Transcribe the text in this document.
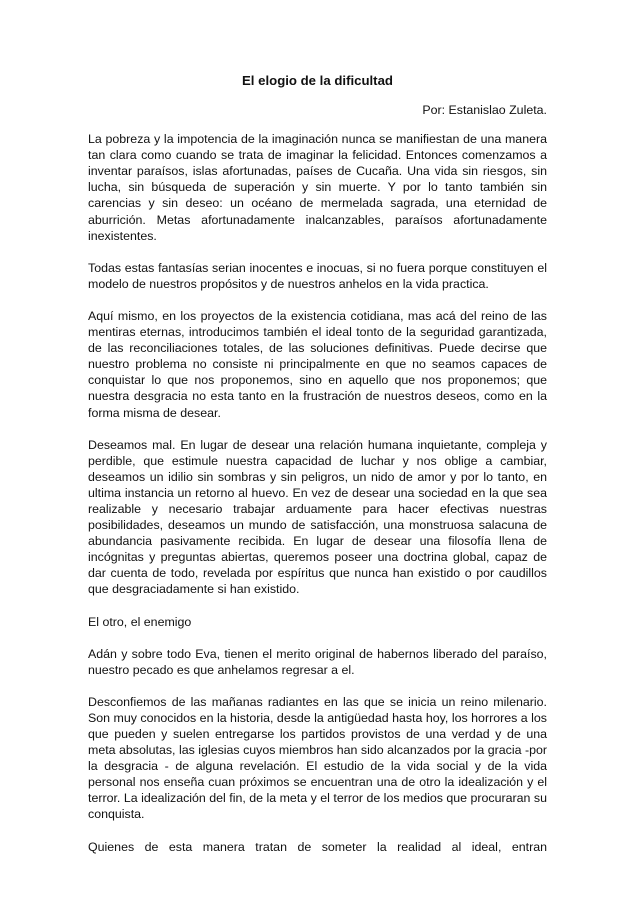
El elogio de la dificultad
Por: Estanislao Zuleta.

La pobreza y la impotencia de la imaginación nunca se manifiestan de una manera tan clara como cuando se trata de imaginar la felicidad. Entonces comenzamos a inventar paraísos, islas afortunadas, países de Cucaña. Una vida sin riesgos, sin lucha, sin búsqueda de superación y sin muerte. Y por lo tanto también sin carencias y sin deseo: un océano de mermelada sagrada, una eternidad de aburrición. Metas afortunadamente inalcanzables, paraísos afortunadamente inexistentes.

Todas estas fantasías serian inocentes e inocuas, si no fuera porque constituyen el modelo de nuestros propósitos y de nuestros anhelos en la vida practica.

Aquí mismo, en los proyectos de la existencia cotidiana, mas acá del reino de las mentiras eternas, introducimos también el ideal tonto de la seguridad garantizada, de las reconciliaciones totales, de las soluciones definitivas. Puede decirse que nuestro problema no consiste ni principalmente en que no seamos capaces de conquistar lo que nos proponemos, sino en aquello que nos proponemos; que nuestra desgracia no esta tanto en la frustración de nuestros deseos, como en la forma misma de desear.

Deseamos mal. En lugar de desear una relación humana inquietante, compleja y perdible, que estimule nuestra capacidad de luchar y nos oblige a cambiar, deseamos un idilio sin sombras y sin peligros, un nido de amor y por lo tanto, en ultima instancia un retorno al huevo. En vez de desear una sociedad en la que sea realizable y necesario trabajar arduamente para hacer efectivas nuestras posibilidades, deseamos un mundo de satisfacción, una monstruosa salacuna de abundancia pasivamente recibida. En lugar de desear una filosofía llena de incógnitas y preguntas abiertas, queremos poseer una doctrina global, capaz de dar cuenta de todo, revelada por espíritus que nunca han existido o por caudillos que desgraciadamente si han existido.

El otro, el enemigo

Adán y sobre todo Eva, tienen el merito original de habernos liberado del paraíso, nuestro pecado es que anhelamos regresar a el.

Desconfiemos de las mañanas radiantes en las que se inicia un reino milenario. Son muy conocidos en la historia, desde la antigüedad hasta hoy, los horrores a los que pueden y suelen entregarse los partidos provistos de una verdad y de una meta absolutas, las iglesias cuyos miembros han sido alcanzados por la gracia -por la desgracia - de alguna revelación. El estudio de la vida social y de la vida personal nos enseña cuan próximos se encuentran una de otro la idealización y el terror. La idealización del fin, de la meta y el terror de los medios que procuraran su conquista.

Quienes de esta manera tratan de someter la realidad al ideal, entran
